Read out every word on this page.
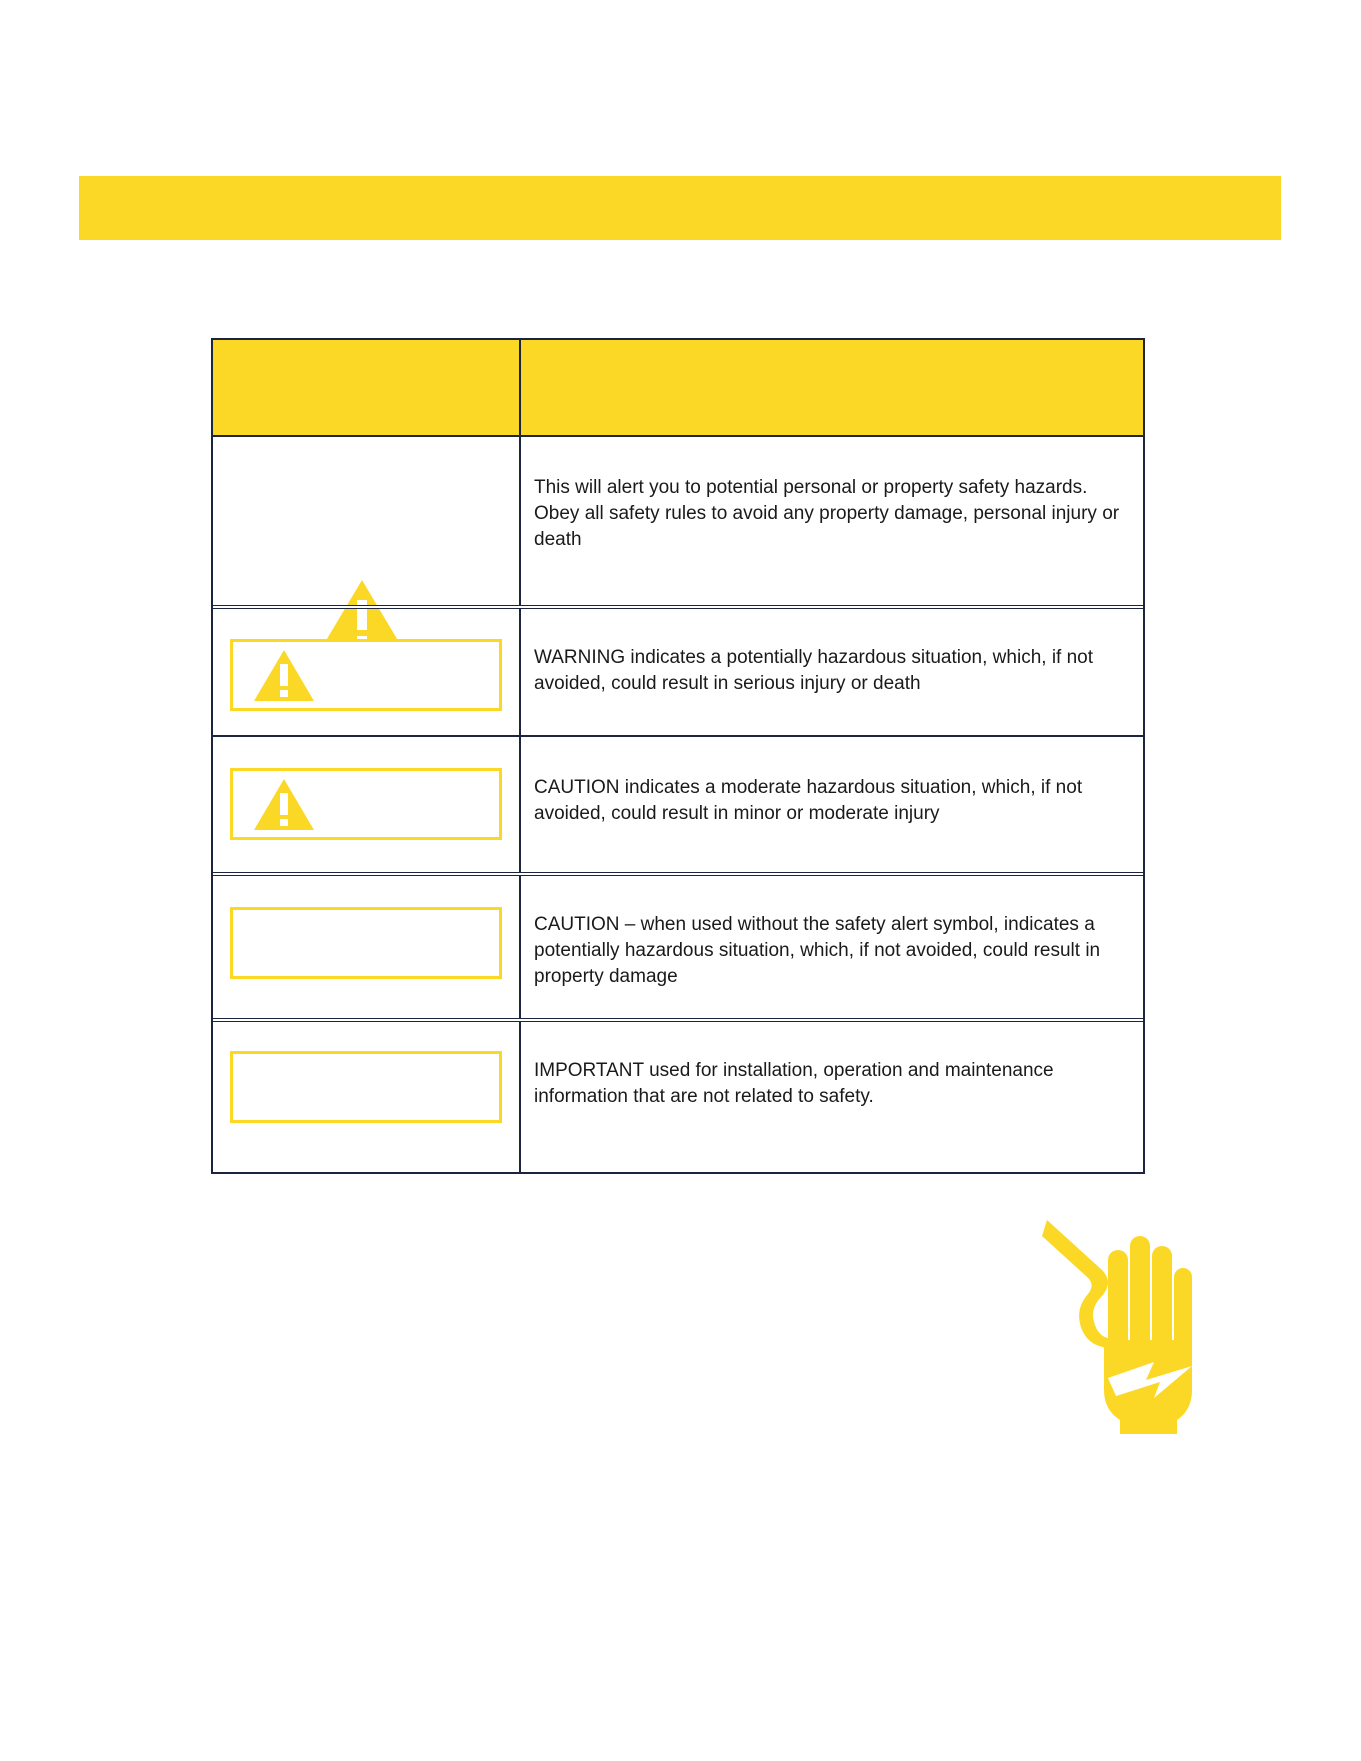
This will alert you to potential personal or property safety hazards. Obey all safety rules to avoid any property damage, personal injury or death
WARNING indicates a potentially hazardous situation, which, if not avoided, could result in serious injury or death
CAUTION indicates a moderate hazardous situation, which, if not avoided, could result in minor or moderate injury
CAUTION – when used without the safety alert symbol, indicates a potentially hazardous situation, which, if not avoided, could result in property damage
IMPORTANT used for installation, operation and maintenance information that are not related to safety.
